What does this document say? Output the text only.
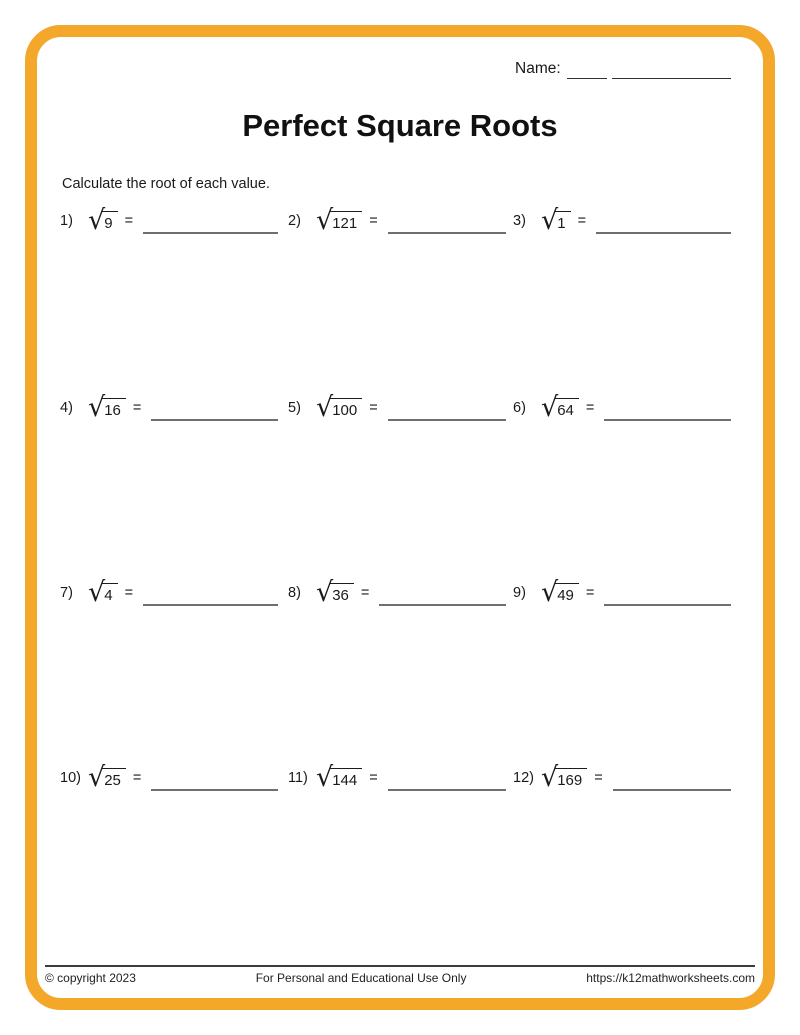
Name:
Perfect Square Roots
Calculate the root of each value.
1) √ 9 =	2) √ 121 =	3) √ 1 =
4) √ 16 =	5) √ 100 =	6) √ 64 =
7) √ 4 =	8) √ 36 =	9) √ 49 =
10) √ 25 =	11) √ 144 =	12) √ 169 =
© copyright 2023	For Personal and Educational Use Only	https://k12mathworksheets.com
